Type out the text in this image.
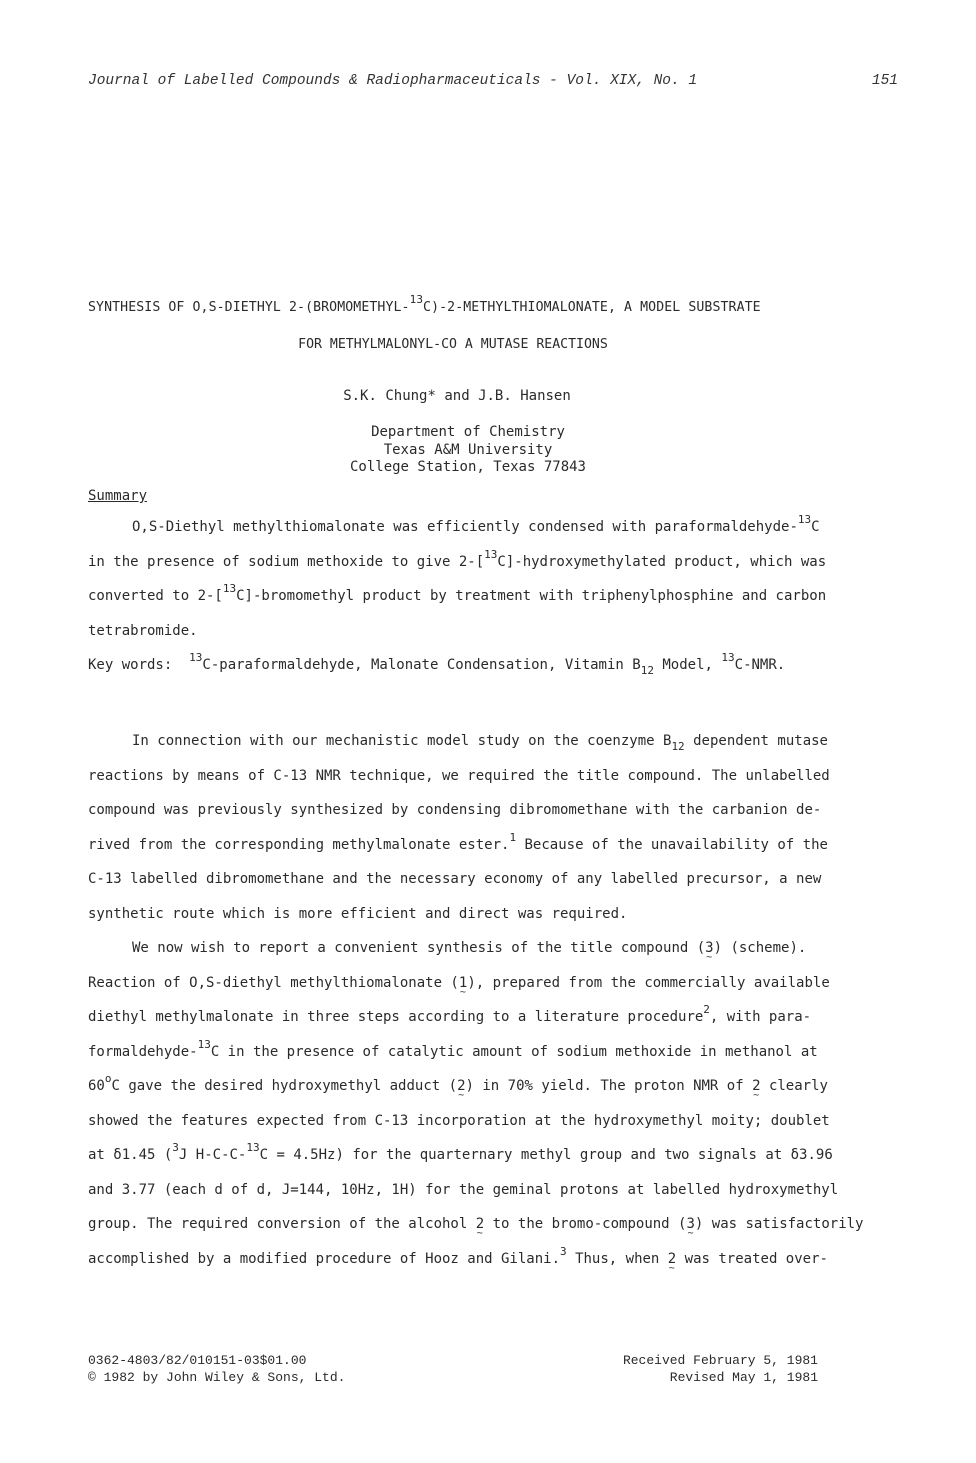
Journal of Labelled Compounds & Radiopharmaceuticals - Vol. XIX, No. 1	151
SYNTHESIS OF O,S-DIETHYL 2-(BROMOMETHYL-$^{13}$C)-2-METHYLTHIOMALONATE, A MODEL SUBSTRATE
FOR METHYLMALONYL-CO A MUTASE REACTIONS
S.K. Chung* and J.B. Hansen
Department of Chemistry
Texas A&M University
College Station, Texas 77843
Summary
O,S-Diethyl methylthiomalonate was efficiently condensed with paraformaldehyde-$^{13}$C
in the presence of sodium methoxide to give 2-[$^{13}$C]-hydroxymethylated product, which was
converted to 2-[$^{13}$C]-bromomethyl product by treatment with triphenylphosphine and carbon
tetrabromide.
Key words: $^{13}$C-paraformaldehyde, Malonate Condensation, Vitamin $B_{12}$ Model, $^{13}$C-NMR.
In connection with our mechanistic model study on the coenzyme $B_{12}$ dependent mutase
reactions by means of C-13 NMR technique, we required the title compound. The unlabelled
compound was previously synthesized by condensing dibromomethane with the carbanion de-
rived from the corresponding methylmalonate ester.$^1$ Because of the unavailability of the
C-13 labelled dibromomethane and the necessary economy of any labelled precursor, a new
synthetic route which is more efficient and direct was required.
We now wish to report a convenient synthesis of the title compound (3 ~) (scheme).
Reaction of O,S-diethyl methylthiomalonate (1 ~), prepared from the commercially available
diethyl methylmalonate in three steps according to a literature procedure$^2$, with para-
formaldehyde-$^{13}$C in the presence of catalytic amount of sodium methoxide in methanol at
60$^o$C gave the desired hydroxymethyl adduct (2 ~) in 70% yield. The proton NMR of 2 ~ clearly
showed the features expected from C-13 incorporation at the hydroxymethyl moity; doublet
at δ1.45 ($^3$J H-C-C-$^{13}$C = 4.5Hz) for the quarternary methyl group and two signals at δ3.96
and 3.77 (each d of d, J=144, 10Hz, 1H) for the geminal protons at labelled hydroxymethyl
group. The required conversion of the alcohol 2 ~ to the bromo-compound (3 ~) was satisfactorily
accomplished by a modified procedure of Hooz and Gilani.$^3$ Thus, when 2 ~ was treated over-
0362-4803/82/010151-03$01.00
© 1982 by John Wiley & Sons, Ltd.
Received February 5, 1981
Revised May 1, 1981
